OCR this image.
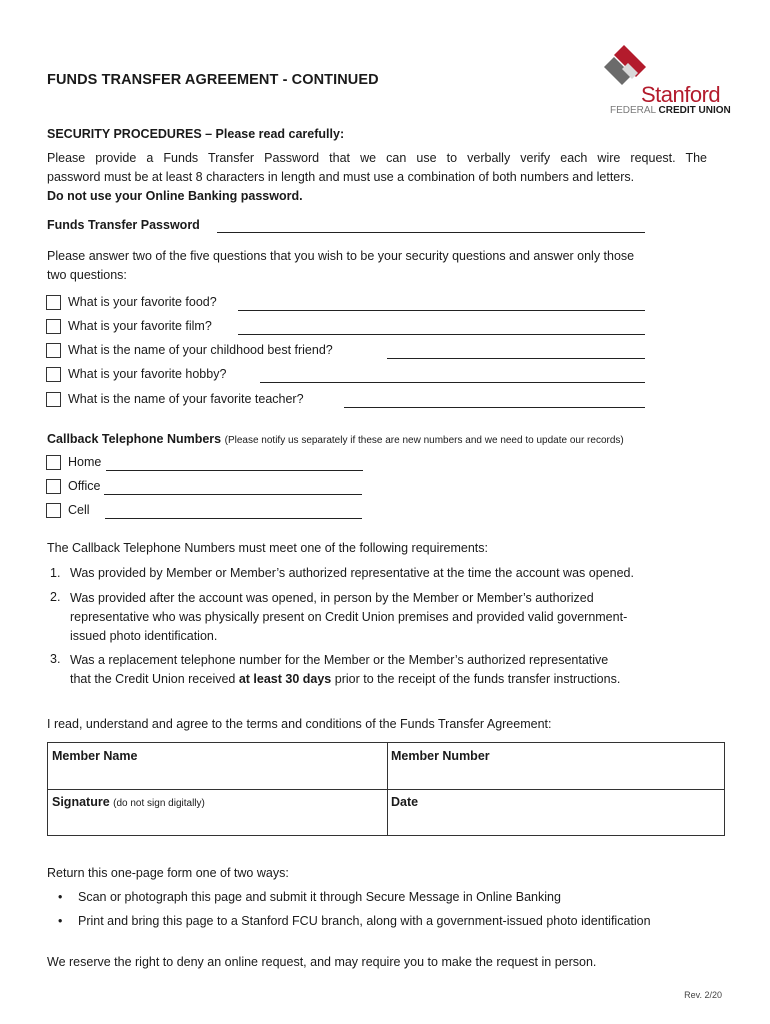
FUNDS TRANSFER AGREEMENT - CONTINUED
Stanford
FEDERAL CREDIT UNION
SECURITY PROCEDURES – Please read carefully:
Please provide a Funds Transfer Password that we can use to verbally verify each wire request. The
password must be at least 8 characters in length and must use a combination of both numbers and letters.
Do not use your Online Banking password.
Funds Transfer Password
Please answer two of the five questions that you wish to be your security questions and answer only those
two questions:
What is your favorite food?
What is your favorite film?
What is the name of your childhood best friend?
What is your favorite hobby?
What is the name of your favorite teacher?
Callback Telephone Numbers (Please notify us separately if these are new numbers and we need to update our records)
Home
Office
Cell
The Callback Telephone Numbers must meet one of the following requirements:
1. Was provided by Member or Member’s authorized representative at the time the account was opened.
2. Was provided after the account was opened, in person by the Member or Member’s authorized
representative who was physically present on Credit Union premises and provided valid government-
issued photo identification.
3. Was a replacement telephone number for the Member or the Member’s authorized representative
that the Credit Union received at least 30 days prior to the receipt of the funds transfer instructions.
I read, understand and agree to the terms and conditions of the Funds Transfer Agreement:
Member Name	Member Number
Signature (do not sign digitally)	Date
Return this one-page form one of two ways:
• Scan or photograph this page and submit it through Secure Message in Online Banking
• Print and bring this page to a Stanford FCU branch, along with a government-issued photo identification
We reserve the right to deny an online request, and may require you to make the request in person.
Rev. 2/20
